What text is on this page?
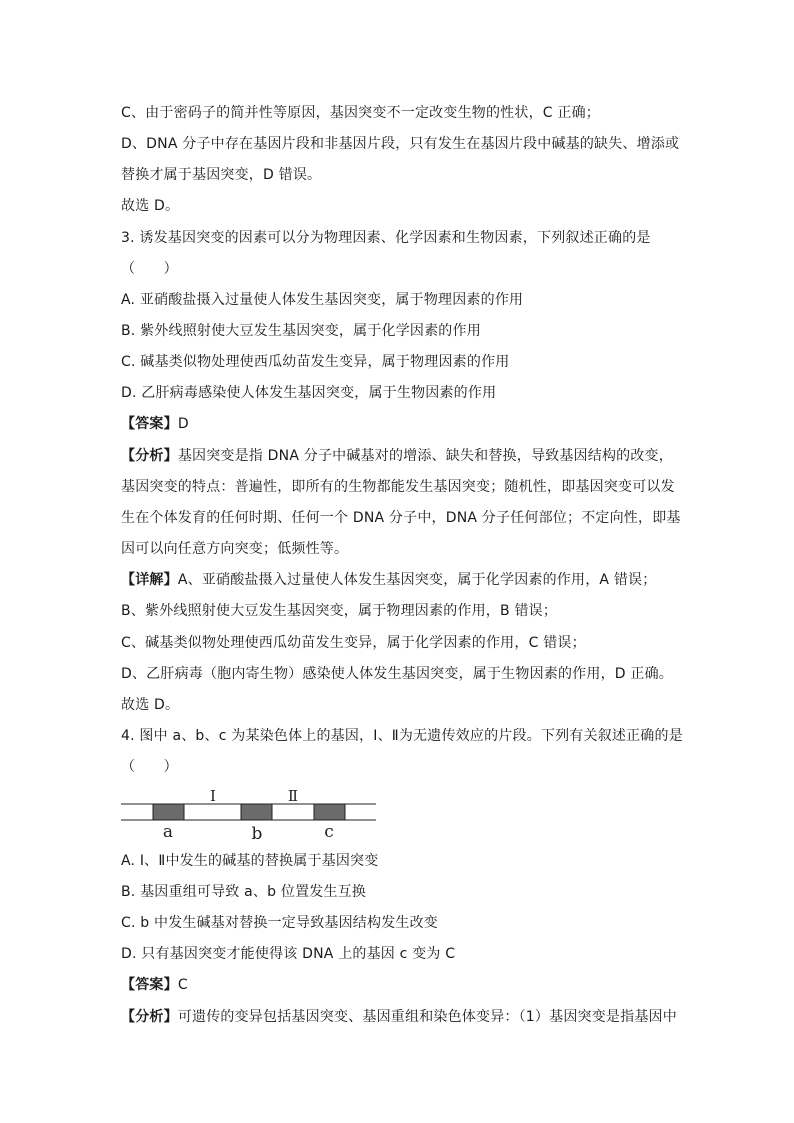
C、由于密码子的简并性等原因，基因突变不一定改变生物的性状，C 正确；
D、DNA 分子中存在基因片段和非基因片段，只有发生在基因片段中碱基的缺失、增添或
替换才属于基因突变，D 错误。
故选 D。
3. 诱发基因突变的因素可以分为物理因素、化学因素和生物因素，下列叙述正确的是
（　　）
A. 亚硝酸盐摄入过量使人体发生基因突变，属于物理因素的作用
B. 紫外线照射使大豆发生基因突变，属于化学因素的作用
C. 碱基类似物处理使西瓜幼苗发生变异，属于物理因素的作用
D. 乙肝病毒感染使人体发生基因突变，属于生物因素的作用
【答案】D
【分析】基因突变是指 DNA 分子中碱基对的增添、缺失和替换，导致基因结构的改变，
基因突变的特点：普遍性，即所有的生物都能发生基因突变；随机性，即基因突变可以发
生在个体发育的任何时期、任何一个 DNA 分子中，DNA 分子任何部位；不定向性，即基
因可以向任意方向突变；低频性等。
【详解】A、亚硝酸盐摄入过量使人体发生基因突变，属于化学因素的作用，A 错误；
B、紫外线照射使大豆发生基因突变，属于物理因素的作用，B 错误；
C、碱基类似物处理使西瓜幼苗发生变异，属于化学因素的作用，C 错误；
D、乙肝病毒（胞内寄生物）感染使人体发生基因突变，属于生物因素的作用，D 正确。
故选 D。
4. 图中 a、b、c 为某染色体上的基因，I、Ⅱ为无遗传效应的片段。下列有关叙述正确的是
（　　）
I	Ⅱ
a	b	c
A. I、Ⅱ中发生的碱基的替换属于基因突变
B. 基因重组可导致 a、b 位置发生互换
C. b 中发生碱基对替换一定导致基因结构发生改变
D. 只有基因突变才能使得该 DNA 上的基因 c 变为 C
【答案】C
【分析】可遗传的变异包括基因突变、基因重组和染色体变异：（1）基因突变是指基因中
